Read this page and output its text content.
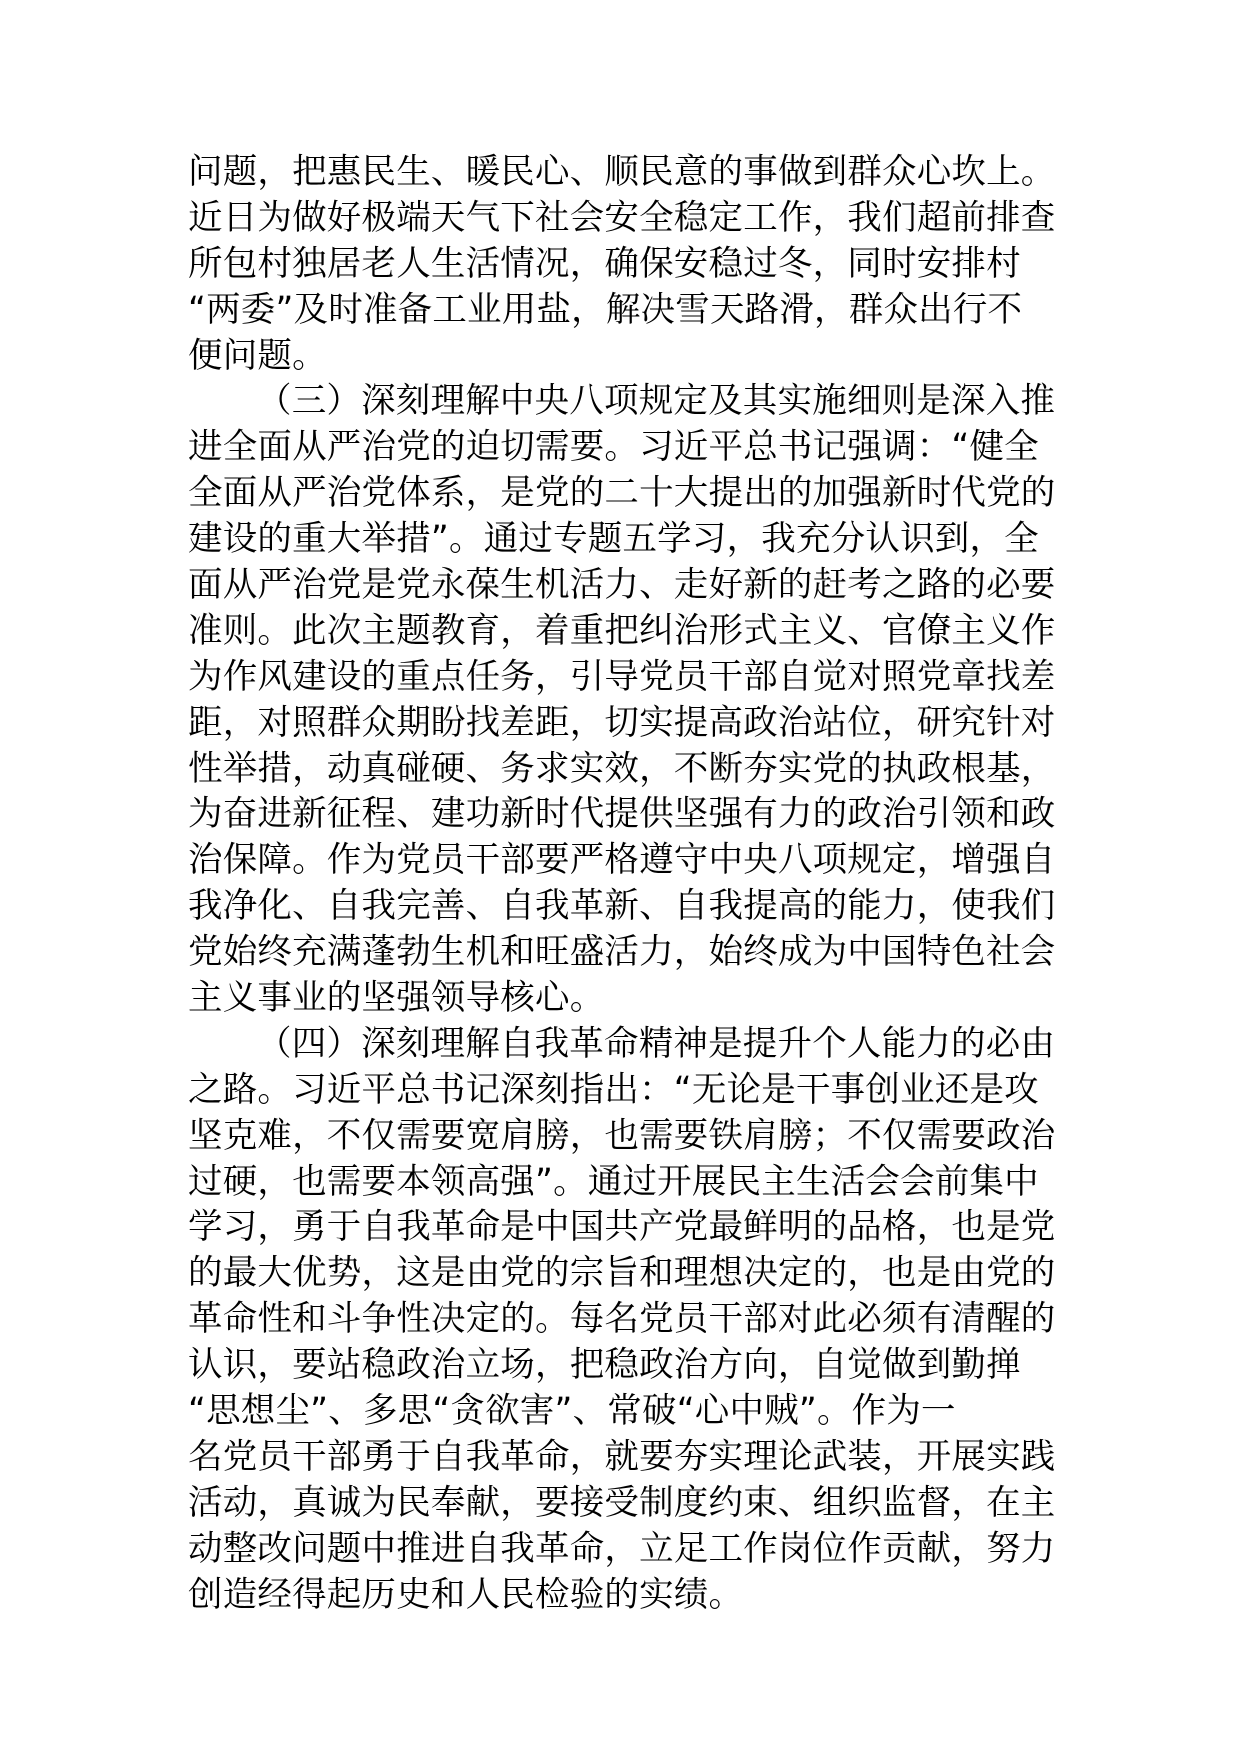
问题，把惠民生、暖民心、顺民意的事做到群众心坎上。
近日为做好极端天气下社会安全稳定工作，我们超前排查
所包村独居老人生活情况，确保安稳过冬，同时安排村
“两委”及时准备工业用盐，解决雪天路滑，群众出行不
便问题。
（三）深刻理解中央八项规定及其实施细则是深入推
进全面从严治党的迫切需要。习近平总书记强调：“健全
全面从严治党体系，是党的二十大提出的加强新时代党的
建设的重大举措”。通过专题五学习，我充分认识到，全
面从严治党是党永葆生机活力、走好新的赶考之路的必要
准则。此次主题教育，着重把纠治形式主义、官僚主义作
为作风建设的重点任务，引导党员干部自觉对照党章找差
距，对照群众期盼找差距，切实提高政治站位，研究针对
性举措，动真碰硬、务求实效，不断夯实党的执政根基，
为奋进新征程、建功新时代提供坚强有力的政治引领和政
治保障。作为党员干部要严格遵守中央八项规定，增强自
我净化、自我完善、自我革新、自我提高的能力，使我们
党始终充满蓬勃生机和旺盛活力，始终成为中国特色社会
主义事业的坚强领导核心。
（四）深刻理解自我革命精神是提升个人能力的必由
之路。习近平总书记深刻指出：“无论是干事创业还是攻
坚克难，不仅需要宽肩膀，也需要铁肩膀；不仅需要政治
过硬，也需要本领高强”。通过开展民主生活会会前集中
学习，勇于自我革命是中国共产党最鲜明的品格，也是党
的最大优势，这是由党的宗旨和理想决定的，也是由党的
革命性和斗争性决定的。每名党员干部对此必须有清醒的
认识，要站稳政治立场，把稳政治方向，自觉做到勤掸
“思想尘”、多思“贪欲害”、常破“心中贼”。作为一
名党员干部勇于自我革命，就要夯实理论武装，开展实践
活动，真诚为民奉献，要接受制度约束、组织监督，在主
动整改问题中推进自我革命，立足工作岗位作贡献，努力
创造经得起历史和人民检验的实绩。
